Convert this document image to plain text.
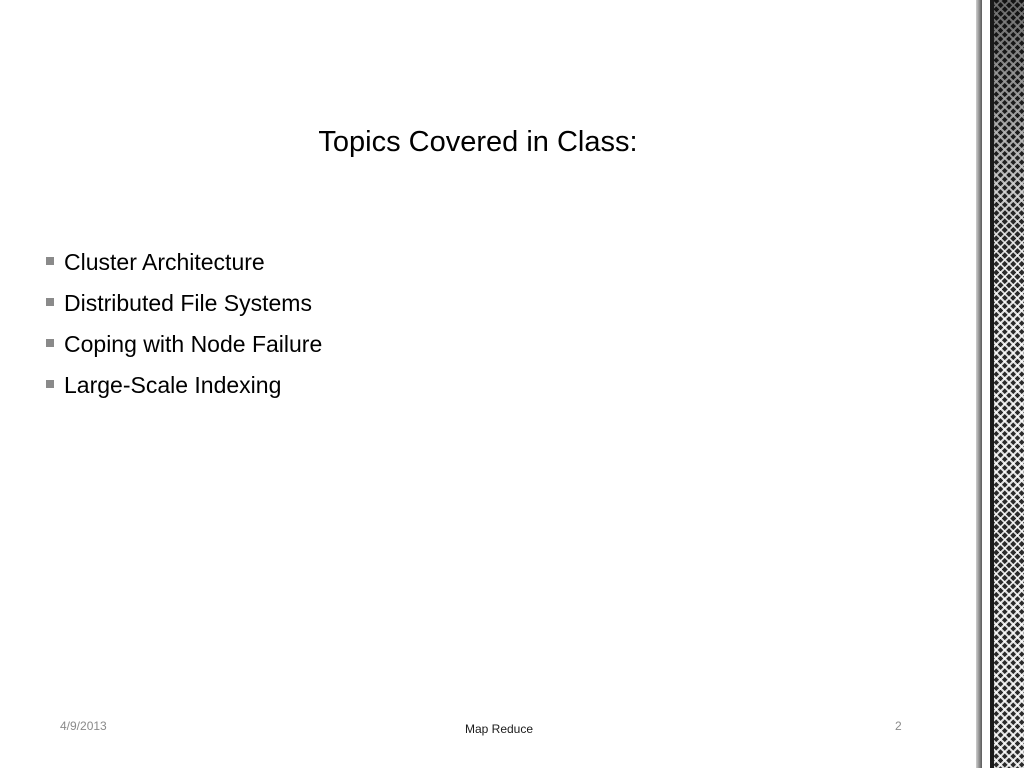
Topics Covered in Class:
Cluster Architecture
Distributed File Systems
Coping with Node Failure
Large-Scale Indexing
4/9/2013	Map Reduce	2
